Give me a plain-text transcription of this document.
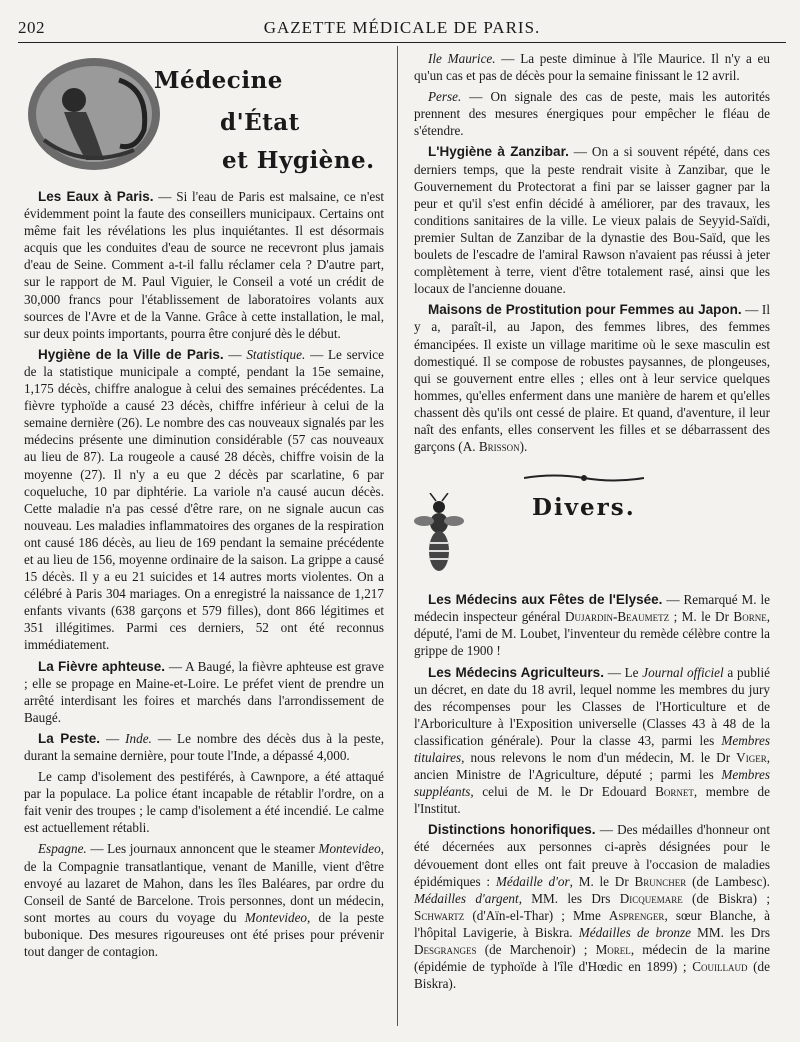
202	GAZETTE MÉDICALE DE PARIS.
Médecine
d'État
et Hygiène.

Les Eaux à Paris. — Si l'eau de Paris est malsaine, ce n'est évidemment point la faute des conseillers municipaux. Certains ont même fait les révélations les plus inquiétantes. Il est désormais acquis que les conduites d'eau de source ne recevront plus jamais d'eau de Seine. Comment a-t-il fallu réclamer cela ? D'autre part, sur le rapport de M. Paul Viguier, le Conseil a voté un crédit de 30,000 francs pour l'établissement de laboratoires volants aux sources de l'Avre et de la Vanne. Grâce à cette installation, le mal, sur deux points importants, pourra être conjuré dès le début.

Hygiène de la Ville de Paris. — Statistique. — Le service de la statistique municipale a compté, pendant la 15e semaine, 1,175 décès, chiffre analogue à celui des semaines précédentes. La fièvre typhoïde a causé 23 décès, chiffre inférieur à celui de la semaine dernière (26). Le nombre des cas nouveaux signalés par les médecins présente une diminution considérable (57 cas nouveaux au lieu de 87). La rougeole a causé 28 décès, chiffre voisin de la moyenne (27). Il n'y a eu que 2 décès par scarlatine, 6 par coqueluche, 10 par diphtérie. La variole n'a causé aucun décès. Cette maladie n'a pas cessé d'être rare, on ne signale aucun cas nouveau. Les maladies inflammatoires des organes de la respiration ont causé 186 décès, au lieu de 169 pendant la semaine précédente et au lieu de 156, moyenne ordinaire de la saison. La grippe a causé 15 décès. Il y a eu 21 suicides et 14 autres morts violentes. On a célébré à Paris 304 mariages. On a enregistré la naissance de 1,217 enfants vivants (638 garçons et 579 filles), dont 866 légitimes et 351 illégitimes. Parmi ces derniers, 52 ont été reconnus immédiatement.

La Fièvre aphteuse. — A Baugé, la fièvre aphteuse est grave ; elle se propage en Maine-et-Loire. Le préfet vient de prendre un arrêté interdisant les foires et marchés dans l'arrondissement de Baugé.

La Peste. — Inde. — Le nombre des décès dus à la peste, durant la semaine dernière, pour toute l'Inde, a dépassé 4,000.

Le camp d'isolement des pestiférés, à Cawnpore, a été attaqué par la populace. La police étant incapable de rétablir l'ordre, on a fait venir des troupes ; le camp d'isolement a été incendié. Le calme est actuellement rétabli.

Espagne. — Les journaux annoncent que le steamer Montevideo, de la Compagnie transatlantique, venant de Manille, vient d'être envoyé au lazaret de Mahon, dans les îles Baléares, par ordre du Conseil de Santé de Barcelone. Trois personnes, dont un médecin, sont mortes au cours du voyage du Montevideo, de la peste bubonique. Des mesures rigoureuses ont été prises pour prévenir tout danger de contagion.

Ile Maurice. — La peste diminue à l'île Maurice. Il n'y a eu qu'un cas et pas de décès pour la semaine finissant le 12 avril.

Perse. — On signale des cas de peste, mais les autorités prennent des mesures énergiques pour empêcher le fléau de s'étendre.

L'Hygiène à Zanzibar. — On a si souvent répété, dans ces derniers temps, que la peste rendrait visite à Zanzibar, que le Gouvernement du Protectorat a fini par se laisser gagner par la peur et qu'il s'est enfin décidé à améliorer, par des travaux, les conditions sanitaires de la ville. Le vieux palais de Seyyid-Saïdi, premier Sultan de Zanzibar de la dynastie des Bou-Saïd, que les boulets de l'escadre de l'amiral Rawson n'avaient pas réussi à jeter complètement à terre, vient d'être totalement rasé, ainsi que les locaux de l'ancienne douane.

Maisons de Prostitution pour Femmes au Japon. — Il y a, paraît-il, au Japon, des femmes libres, des femmes émancipées. Il existe un village maritime où le sexe masculin est domestiqué. Il se compose de robustes paysannes, de plongeuses, qui se gouvernent entre elles ; elles ont à leur service quelques hommes, qu'elles enferment dans une manière de harem et qu'elles chassent dès qu'ils ont cessé de plaire. Et quand, d'aventure, il leur naît des enfants, elles conservent les filles et se débarrassent des garçons (A. Brisson).

Divers.

Les Médecins aux Fêtes de l'Elysée. — Remarqué M. le médecin inspecteur général Dujardin-Beaumetz ; M. le Dr Borne, député, l'ami de M. Loubet, l'inventeur du remède célèbre contre la grippe de 1900 !

Les Médecins Agriculteurs. — Le Journal officiel a publié un décret, en date du 18 avril, lequel nomme les membres du jury des récompenses pour les Classes de l'Horticulture et de l'Arboriculture à l'Exposition universelle (Classes 43 à 48 de la classification générale). Pour la classe 43, parmi les Membres titulaires, nous relevons le nom d'un médecin, M. le Dr Viger, ancien Ministre de l'Agriculture, député ; parmi les Membres suppléants, celui de M. le Dr Edouard Bornet, membre de l'Institut.

Distinctions honorifiques. — Des médailles d'honneur ont été décernées aux personnes ci-après désignées pour le dévouement dont elles ont fait preuve à l'occasion de maladies épidémiques : Médaille d'or, M. le Dr Bruncher (de Lambesc). Médailles d'argent, MM. les Drs Dicquemare (de Biskra) ; Schwartz (d'Aïn-el-Thar) ; Mme Asprenger, sœur Blanche, à l'hôpital Lavigerie, à Biskra. Médailles de bronze MM. les Drs Desgranges (de Marchenoir) ; Morel, médecin de la marine (épidémie de typhoïde à l'île d'Hœdic en 1899) ; Couillaud (de Biskra).
